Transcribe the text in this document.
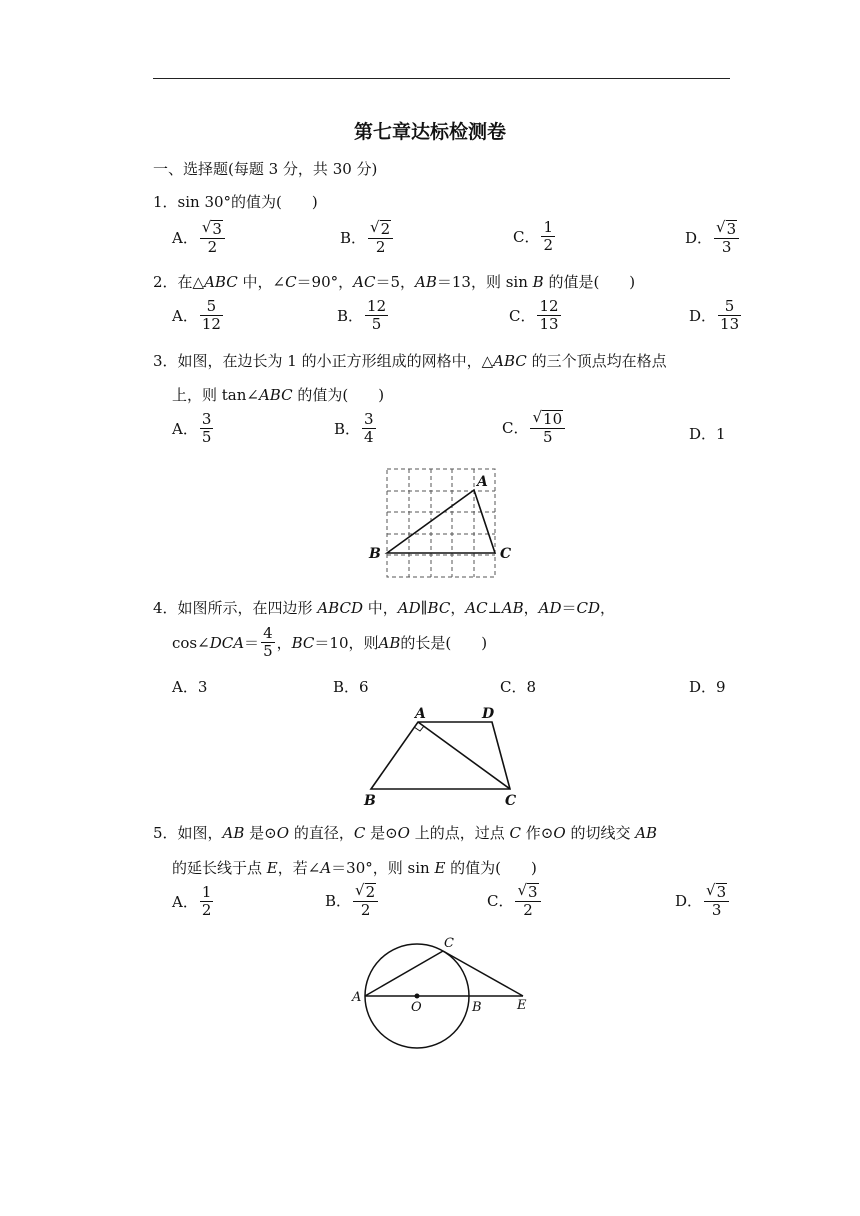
第七章达标检测卷
一、选择题(每题 3 分，共 30 分)
1．sin 30°的值为(　　)
A． $\frac{√ 3}{2}$	B． $\frac{√ 2}{2}$	C． $\frac{1}{2}$	D． $\frac{√ 3}{3}$
2．在△ABC 中，∠C＝90°，AC＝5，AB＝13，则 sin B 的值是(　　)
A． $\frac{5}{12}$	B． $\frac{12}{5}$	C． $\frac{12}{13}$	D． $\frac{5}{13}$
3．如图，在边长为 1 的小正方形组成的网格中，△ABC 的三个顶点均在格点
上，则 tan∠ABC 的值为(　　)
A． $\frac{3}{5}$	B． $\frac{3}{4}$	C． $\frac{√ 10}{5}$	D． 1
A
B	C
4．如图所示，在四边形 ABCD 中，AD∥BC，AC⊥AB，AD＝CD，
cos∠ DCA ＝ $\frac{4}{5}$ ， BC ＝10，则 AB 的长是(　　)
A． 3	B． 6	C． 8	D． 9
A	D
B	C
5．如图，AB 是⊙O 的直径，C 是⊙O 上的点，过点 C 作⊙O 的切线交 AB
的延长线于点 E，若∠A＝30°，则 sin E 的值为(　　)
A． $\frac{1}{2}$	B． $\frac{√ 2}{2}$	C． $\frac{√ 3}{2}$	D． $\frac{√ 3}{3}$
A
O	B	E
C
